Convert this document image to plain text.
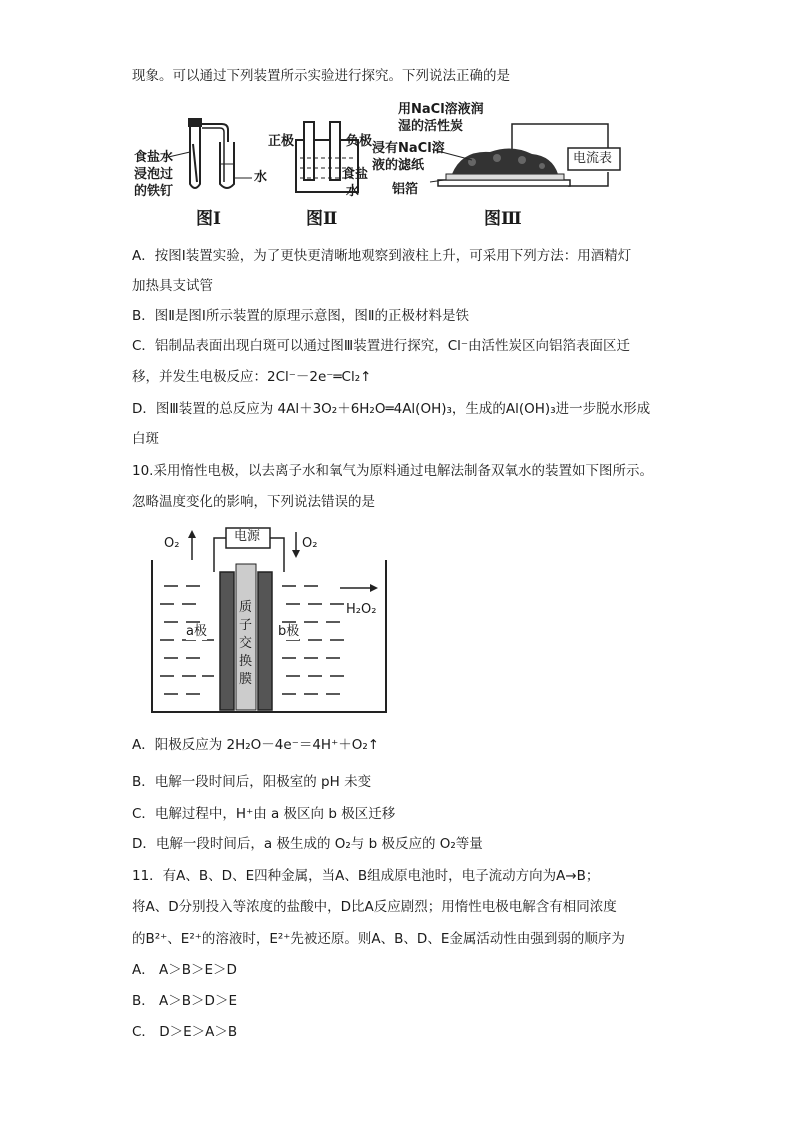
现象。可以通过下列装置所示实验进行探究。下列说法正确的是
食盐水
浸泡过
的铁钉
水
图Ⅰ
正极	负极
食盐
水
图Ⅱ
用NaCl溶液润
湿的活性炭
浸有NaCl溶
液的滤纸
铝箔
电流表
图Ⅲ
A．按图Ⅰ装置实验，为了更快更清晰地观察到液柱上升，可采用下列方法：用酒精灯
加热具支试管
B．图Ⅱ是图Ⅰ所示装置的原理示意图，图Ⅱ的正极材料是铁
C．铝制品表面出现白斑可以通过图Ⅲ装置进行探究，Cl⁻由活性炭区向铝箔表面区迁
移，并发生电极反应：2Cl⁻－2e⁻═Cl₂↑
D．图Ⅲ装置的总反应为 4Al＋3O₂＋6H₂O═4Al(OH)₃，生成的Al(OH)₃进一步脱水形成
白斑
10.采用惰性电极，以去离子水和氧气为原料通过电解法制备双氧水的装置如下图所示。
忽略温度变化的影响，下列说法错误的是
O₂	电源	O₂
H₂O₂
a极	b极
质
子
交
换
膜
A．阳极反应为 2H₂O－4e⁻＝4H⁺＋O₂↑
B．电解一段时间后，阳极室的 pH 未变
C．电解过程中，H⁺由 a 极区向 b 极区迁移
D．电解一段时间后，a 极生成的 O₂与 b 极反应的 O₂等量
11．有A、B、D、E四种金属，当A、B组成原电池时，电子流动方向为A→B；
将A、D分别投入等浓度的盐酸中，D比A反应剧烈；用惰性电极电解含有相同浓度
的B²⁺、E²⁺的溶液时，E²⁺先被还原。则A、B、D、E金属活动性由强到弱的顺序为
A． A＞B＞E＞D
B． A＞B＞D＞E
C． D＞E＞A＞B
